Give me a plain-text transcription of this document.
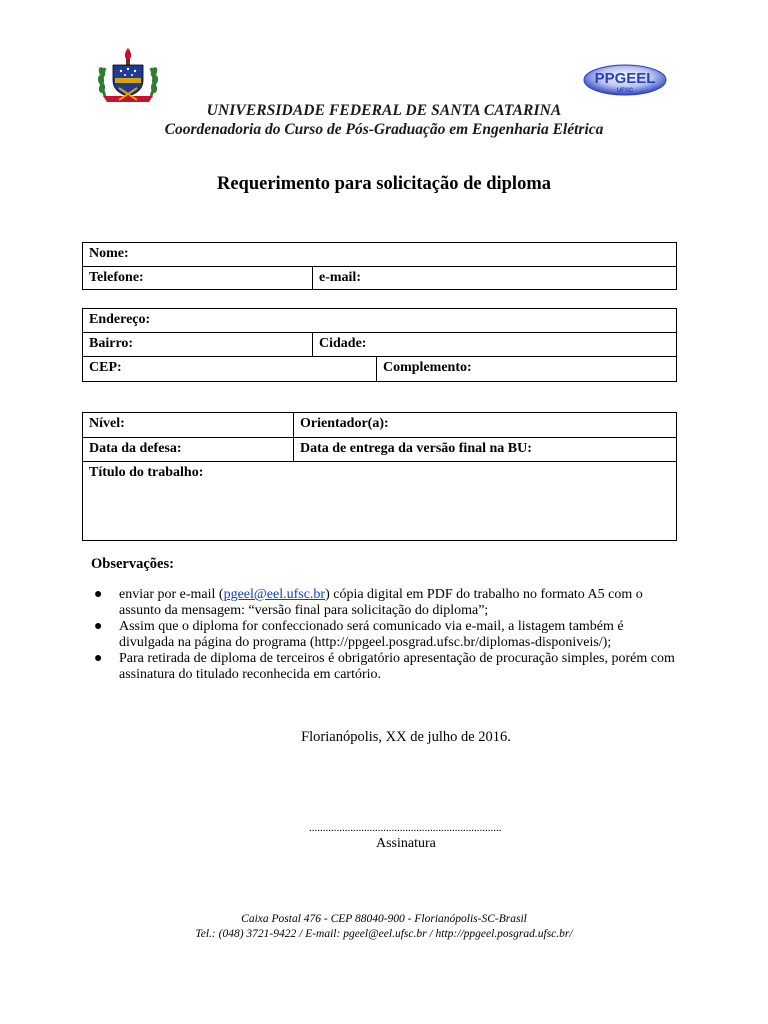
PPGEEL
UFSC
UNIVERSIDADE FEDERAL DE SANTA CATARINA
Coordenadoria do Curso de Pós-Graduação em Engenharia Elétrica
Requerimento para solicitação de diploma
Nome:
Telefone:	e-mail:
Endereço:
Bairro:	Cidade:
CEP:	Complemento:
Nível:	Orientador(a):
Data da defesa:	Data de entrega da versão final na BU:
Título do trabalho:
Observações:
● enviar por e-mail (pgeel@eel.ufsc.br) cópia digital em PDF do trabalho no formato A5 com o assunto da mensagem: “versão final para solicitação do diploma”;
● Assim que o diploma for confeccionado será comunicado via e-mail, a listagem também é divulgada na página do programa (http://ppgeel.posgrad.ufsc.br/diplomas-disponiveis/);
● Para retirada de diploma de terceiros é obrigatório apresentação de procuração simples, porém com assinatura do titulado reconhecida em cartório.
Florianópolis, XX de julho de 2016.
......................................................................
Assinatura
Caixa Postal 476 - CEP 88040-900 - Florianópolis-SC-Brasil
Tel.: (048) 3721-9422 / E-mail: pgeel@eel.ufsc.br / http://ppgeel.posgrad.ufsc.br/
